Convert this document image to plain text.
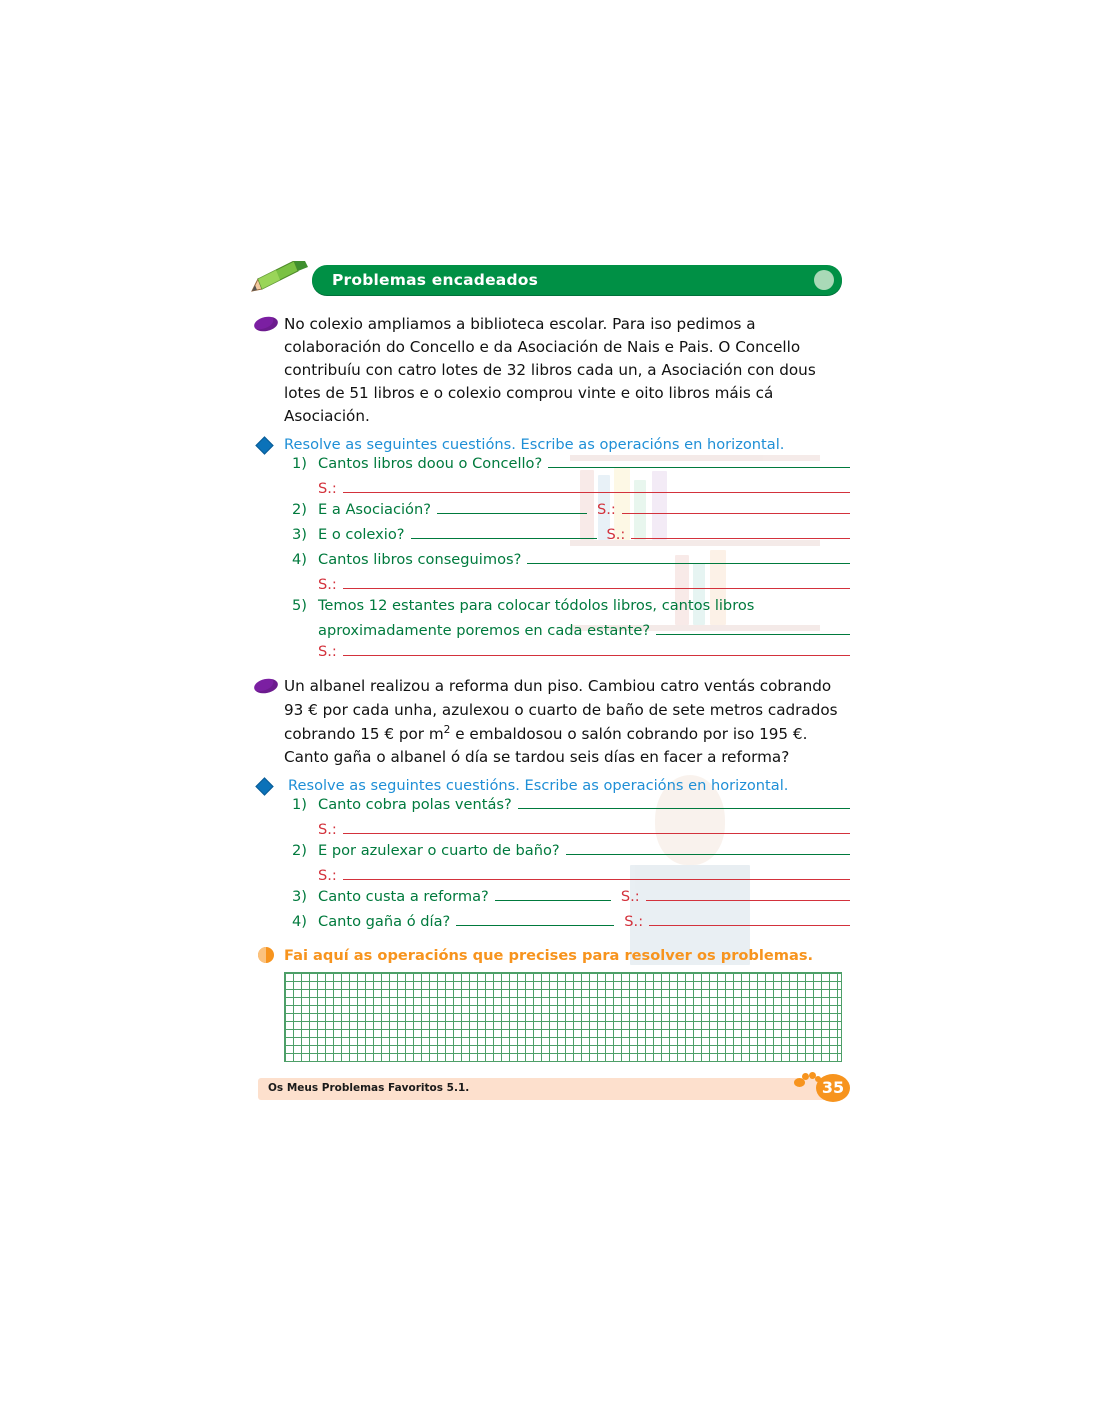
Problemas encadeados
No colexio ampliamos a biblioteca escolar. Para iso pedimos a colaboración do Concello e da Asociación de Nais e Pais. O Concello contribuíu con catro lotes de 32 libros cada un, a Asociación con dous lotes de 51 libros e o colexio comprou vinte e oito libros máis cá Asociación.
Resolve as seguintes cuestións. Escribe as operacións en horizontal.
1) Cantos libros doou o Concello?
S.:
2) E a Asociación?	S.:
3) E o colexio?	S.:
4) Cantos libros conseguimos?
S.:
5) Temos 12 estantes para colocar tódolos libros, cantos libros
aproximadamente poremos en cada estante?
S.:
Un albanel realizou a reforma dun piso. Cambiou catro ventás cobrando 93 € por cada unha, azulexou o cuarto de baño de sete metros cadrados cobrando 15 € por $m^2$ e embaldosou o salón cobrando por iso 195 €. Canto gaña o albanel ó día se tardou seis días en facer a reforma?
Resolve as seguintes cuestións. Escribe as operacións en horizontal.
1) Canto cobra polas ventás?
S.:
2) E por azulexar o cuarto de baño?
S.:
3) Canto custa a reforma?	S.:
4) Canto gaña ó día?	S.:
Fai aquí as operacións que precises para resolver os problemas.
Os Meus Problemas Favoritos 5.1.	35
